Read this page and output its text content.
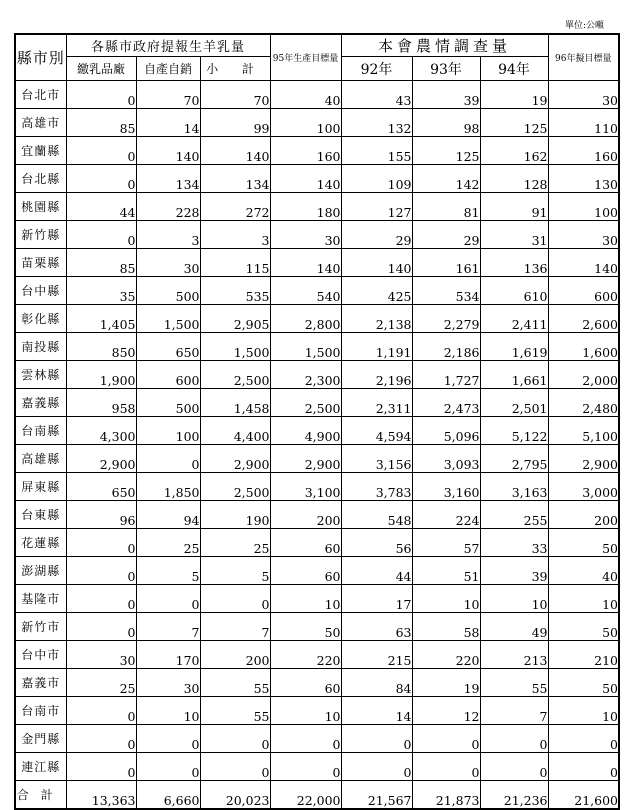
單位:公噸
縣市別	各縣市政府提報生羊乳量			95年生產目標量	本會農情調查量			96年擬目標量
	繳乳品廠	自產自銷	小 計		92年	93年	94年	
台北市	0	70	70	40	43	39	19	30
高雄市	85	14	99	100	132	98	125	110
宜蘭縣	0	140	140	160	155	125	162	160
台北縣	0	134	134	140	109	142	128	130
桃園縣	44	228	272	180	127	81	91	100
新竹縣	0	3	3	30	29	29	31	30
苗栗縣	85	30	115	140	140	161	136	140
台中縣	35	500	535	540	425	534	610	600
彰化縣	1,405	1,500	2,905	2,800	2,138	2,279	2,411	2,600
南投縣	850	650	1,500	1,500	1,191	2,186	1,619	1,600
雲林縣	1,900	600	2,500	2,300	2,196	1,727	1,661	2,000
嘉義縣	958	500	1,458	2,500	2,311	2,473	2,501	2,480
台南縣	4,300	100	4,400	4,900	4,594	5,096	5,122	5,100
高雄縣	2,900	0	2,900	2,900	3,156	3,093	2,795	2,900
屏東縣	650	1,850	2,500	3,100	3,783	3,160	3,163	3,000
台東縣	96	94	190	200	548	224	255	200
花蓮縣	0	25	25	60	56	57	33	50
澎湖縣	0	5	5	60	44	51	39	40
基隆市	0	0	0	10	17	10	10	10
新竹市	0	7	7	50	63	58	49	50
台中市	30	170	200	220	215	220	213	210
嘉義市	25	30	55	60	84	19	55	50
台南市	0	10	55	10	14	12	7	10
金門縣	0	0	0	0	0	0	0	0
連江縣	0	0	0	0	0	0	0	0
合計	13,363	6,660	20,023	22,000	21,567	21,873	21,236	21,600
